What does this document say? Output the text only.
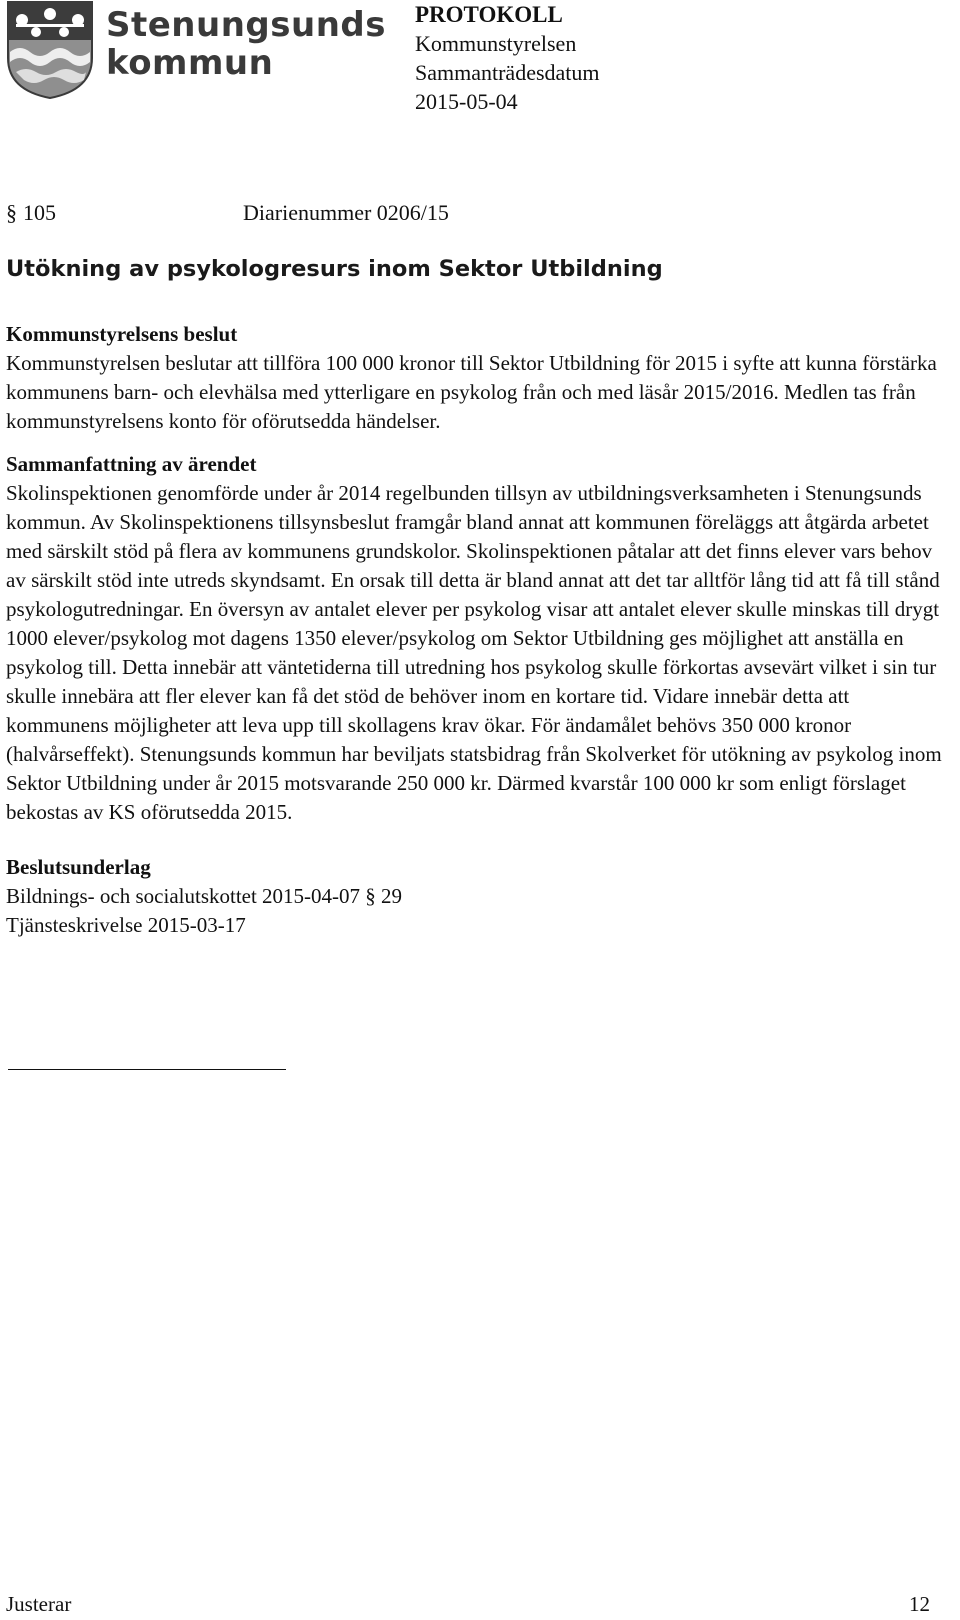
Stenungsunds
kommun
PROTOKOLL
Kommunstyrelsen
Sammanträdesdatum
2015-05-04
§ 105	Diarienummer 0206/15
Utökning av psykologresurs inom Sektor Utbildning
Kommunstyrelsens beslut

Kommunstyrelsen beslutar att tillföra 100 000 kronor till Sektor Utbildning för 2015 i syfte att kunna förstärka kommunens barn- och elevhälsa med ytterligare en psykolog från och med läsår 2015/2016. Medlen tas från kommunstyrelsens konto för oförutsedda händelser.

Sammanfattning av ärendet

Skolinspektionen genomförde under år 2014 regelbunden tillsyn av utbildningsverksamheten i Stenungsunds kommun. Av Skolinspektionens tillsynsbeslut framgår bland annat att kommunen föreläggs att åtgärda arbetet med särskilt stöd på flera av kommunens grundskolor. Skolinspektionen påtalar att det finns elever vars behov av särskilt stöd inte utreds skyndsamt. En orsak till detta är bland annat att det tar alltför lång tid att få till stånd psykologutredningar. En översyn av antalet elever per psykolog visar att antalet elever skulle minskas till drygt 1000 elever/psykolog mot dagens 1350 elever/psykolog om Sektor Utbildning ges möjlighet att anställa en psykolog till. Detta innebär att väntetiderna till utredning hos psykolog skulle förkortas avsevärt vilket i sin tur skulle innebära att fler elever kan få det stöd de behöver inom en kortare tid. Vidare innebär detta att kommunens möjligheter att leva upp till skollagens krav ökar. För ändamålet behövs 350 000 kronor (halvårseffekt). Stenungsunds kommun har beviljats statsbidrag från Skolverket för utökning av psykolog inom Sektor Utbildning under år 2015 motsvarande 250 000 kr. Därmed kvarstår 100 000 kr som enligt förslaget bekostas av KS oförutsedda 2015.

Beslutsunderlag

Bildnings- och socialutskottet 2015-04-07 § 29

Tjänsteskrivelse 2015-03-17

Justerar	12
